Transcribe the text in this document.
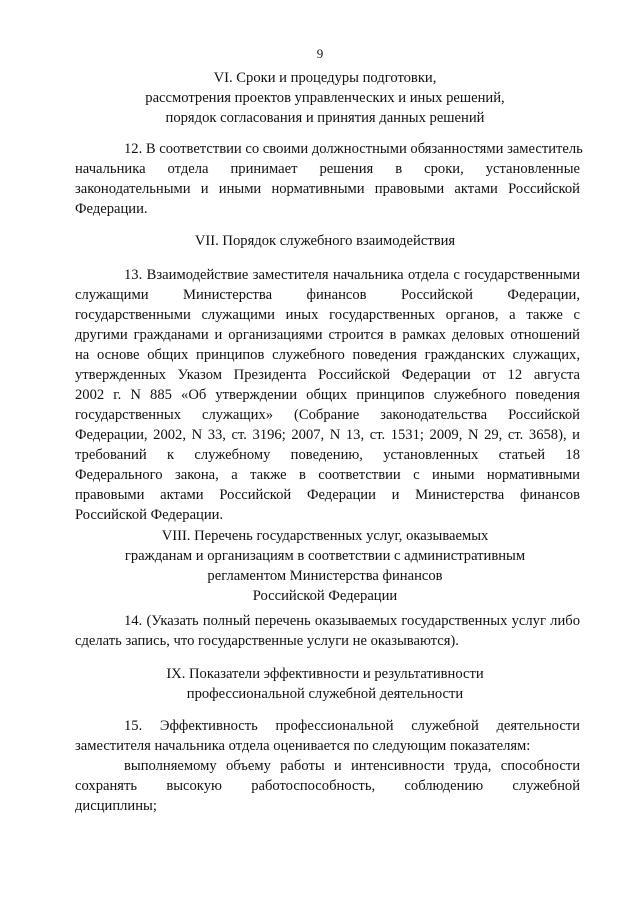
9
VI. Сроки и процедуры подготовки,
рассмотрения проектов управленческих и иных решений,
порядок согласования и принятия данных решений
12. В соответствии со своими должностными обязанностями заместитель
начальника отдела принимает решения в сроки, установленные
законодательными и иными нормативными правовыми актами Российской
Федерации.
VII. Порядок служебного взаимодействия
13. Взаимодействие заместителя начальника отдела с государственными
служащими Министерства финансов Российской Федерации,
государственными служащими иных государственных органов, а также с
другими гражданами и организациями строится в рамках деловых отношений
на основе общих принципов служебного поведения гражданских служащих,
утвержденных Указом Президента Российской Федерации от 12 августа
2002 г. N 885 «Об утверждении общих принципов служебного поведения
государственных служащих» (Собрание законодательства Российской
Федерации, 2002, N 33, ст. 3196; 2007, N 13, ст. 1531; 2009, N 29, ст. 3658), и
требований к служебному поведению, установленных статьей 18
Федерального закона, а также в соответствии с иными нормативными
правовыми актами Российской Федерации и Министерства финансов
Российской Федерации.
VIII. Перечень государственных услуг, оказываемых
гражданам и организациям в соответствии с административным
регламентом Министерства финансов
Российской Федерации
14. (Указать полный перечень оказываемых государственных услуг либо
сделать запись, что государственные услуги не оказываются).
IX. Показатели эффективности и результативности
профессиональной служебной деятельности
15. Эффективность профессиональной служебной деятельности
заместителя начальника отдела оценивается по следующим показателям:
выполняемому объему работы и интенсивности труда, способности
сохранять высокую работоспособность, соблюдению служебной
дисциплины;
